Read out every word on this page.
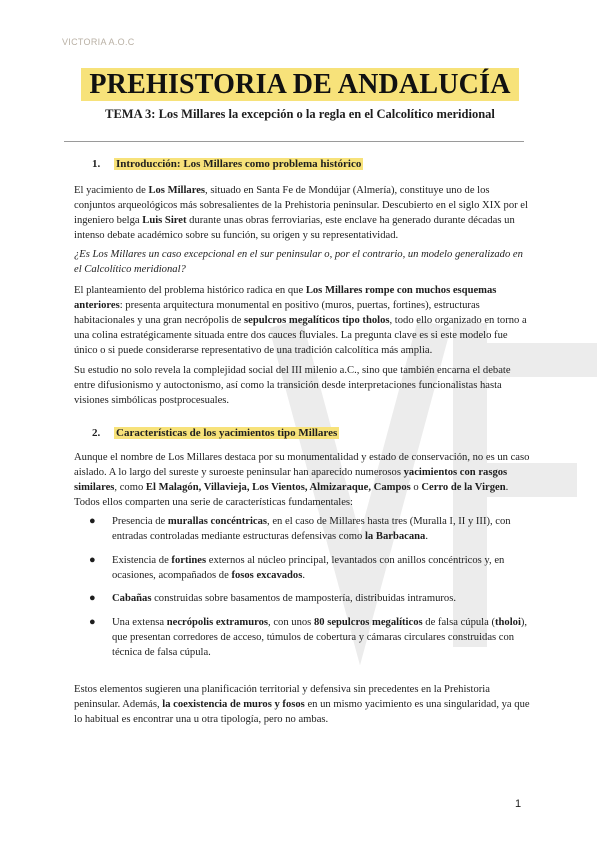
VICTORIA A.O.C
PREHISTORIA DE ANDALUCÍA
TEMA 3: Los Millares la excepción o la regla en el Calcolítico meridional
1. Introducción: Los Millares como problema histórico
El yacimiento de Los Millares, situado en Santa Fe de Mondújar (Almería), constituye uno de los conjuntos arqueológicos más sobresalientes de la Prehistoria peninsular. Descubierto en el siglo XIX por el ingeniero belga Luis Siret durante unas obras ferroviarias, este enclave ha generado durante décadas un intenso debate académico sobre su función, su origen y su representatividad.
¿Es Los Millares un caso excepcional en el sur peninsular o, por el contrario, un modelo generalizado en el Calcolítico meridional?
El planteamiento del problema histórico radica en que Los Millares rompe con muchos esquemas anteriores: presenta arquitectura monumental en positivo (muros, puertas, fortines), estructuras habitacionales y una gran necrópolis de sepulcros megalíticos tipo tholos, todo ello organizado en torno a una colina estratégicamente situada entre dos cauces fluviales. La pregunta clave es si este modelo fue único o si puede considerarse representativo de una tradición calcolítica más amplia.
Su estudio no solo revela la complejidad social del III milenio a.C., sino que también encarna el debate entre difusionismo y autoctonismo, así como la transición desde interpretaciones funcionalistas hasta visiones simbólicas postprocesuales.
2. Características de los yacimientos tipo Millares
Aunque el nombre de Los Millares destaca por su monumentalidad y estado de conservación, no es un caso aislado. A lo largo del sureste y suroeste peninsular han aparecido numerosos yacimientos con rasgos similares, como El Malagón, Villavieja, Los Vientos, Almizaraque, Campos o Cerro de la Virgen. Todos ellos comparten una serie de características fundamentales:
● Presencia de murallas concéntricas, en el caso de Millares hasta tres (Muralla I, II y III), con entradas controladas mediante estructuras defensivas como la Barbacana.
● Existencia de fortines externos al núcleo principal, levantados con anillos concéntricos y, en ocasiones, acompañados de fosos excavados.
● Cabañas construidas sobre basamentos de mampostería, distribuidas intramuros.
● Una extensa necrópolis extramuros, con unos 80 sepulcros megalíticos de falsa cúpula (tholoi), que presentan corredores de acceso, túmulos de cobertura y cámaras circulares construidas con técnica de falsa cúpula.
Estos elementos sugieren una planificación territorial y defensiva sin precedentes en la Prehistoria peninsular. Además, la coexistencia de muros y fosos en un mismo yacimiento es una singularidad, ya que lo habitual es encontrar una u otra tipología, pero no ambas.
1
